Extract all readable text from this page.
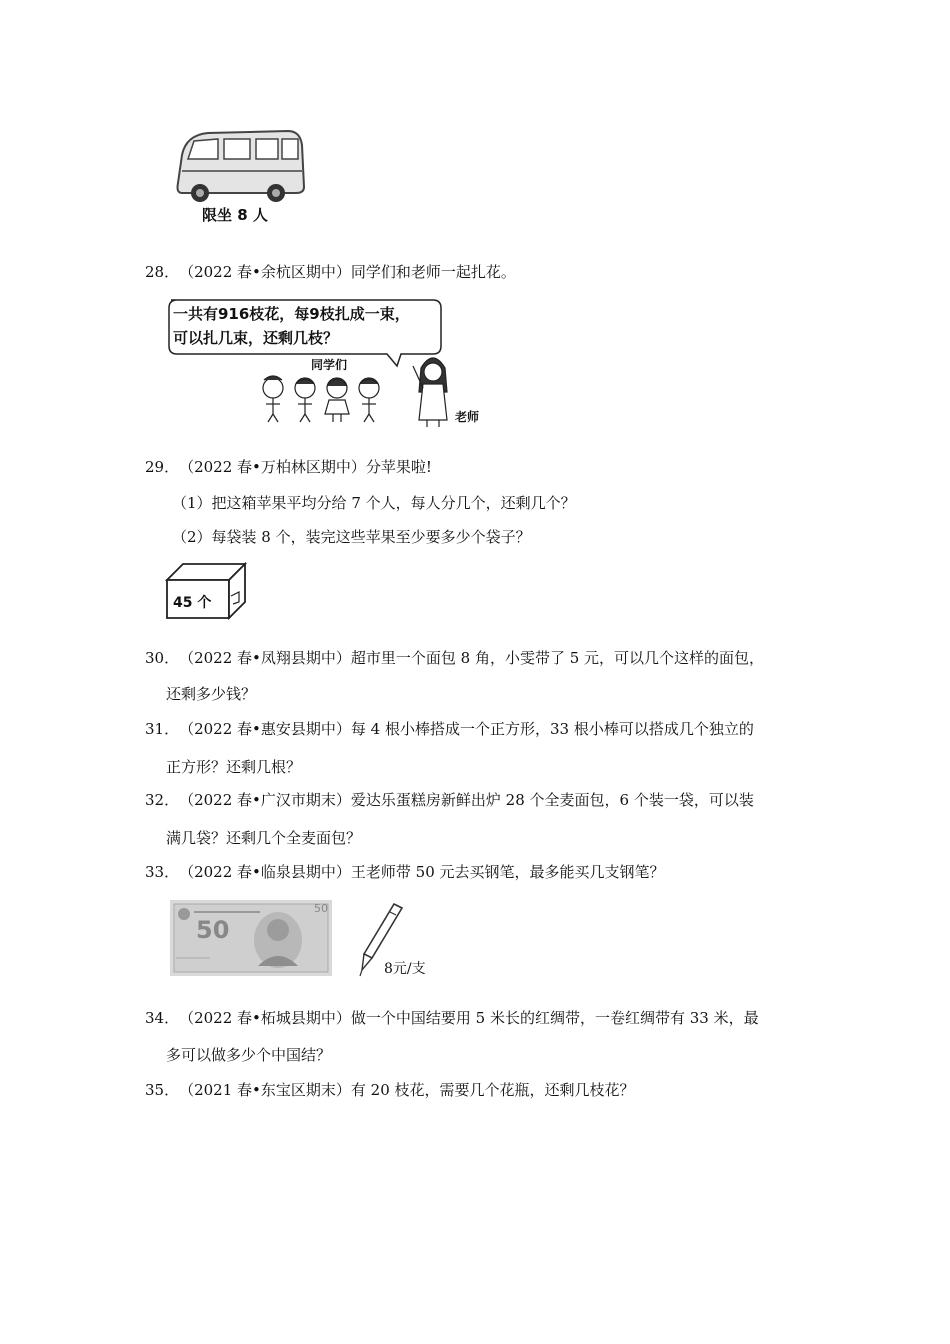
限坐 8 人
28．（2022 春•余杭区期中）同学们和老师一起扎花。
一共有916枝花，每9枝扎成一束，
可以扎几束，还剩几枝？
同学们
老师
29．（2022 春•万柏林区期中）分苹果啦!
（1）把这箱苹果平均分给 7 个人，每人分几个，还剩几个？
（2）每袋装 8 个，装完这些苹果至少要多少个袋子？
45 个
30．（2022 春•凤翔县期中）超市里一个面包 8 角，小雯带了 5 元，可以几个这样的面包，
还剩多少钱？
31．（2022 春•惠安县期中）每 4 根小棒搭成一个正方形，33 根小棒可以搭成几个独立的
正方形？还剩几根？
32．（2022 春•广汉市期末）爱达乐蛋糕房新鲜出炉 28 个全麦面包，6 个装一袋，可以装
满几袋？还剩几个全麦面包？
33．（2022 春•临泉县期中）王老师带 50 元去买钢笔，最多能买几支钢笔？
50
50
8元/支
34．（2022 春•柘城县期中）做一个中国结要用 5 米长的红绸带，一卷红绸带有 33 米，最
多可以做多少个中国结？
35．（2021 春•东宝区期末）有 20 枝花，需要几个花瓶，还剩几枝花？
